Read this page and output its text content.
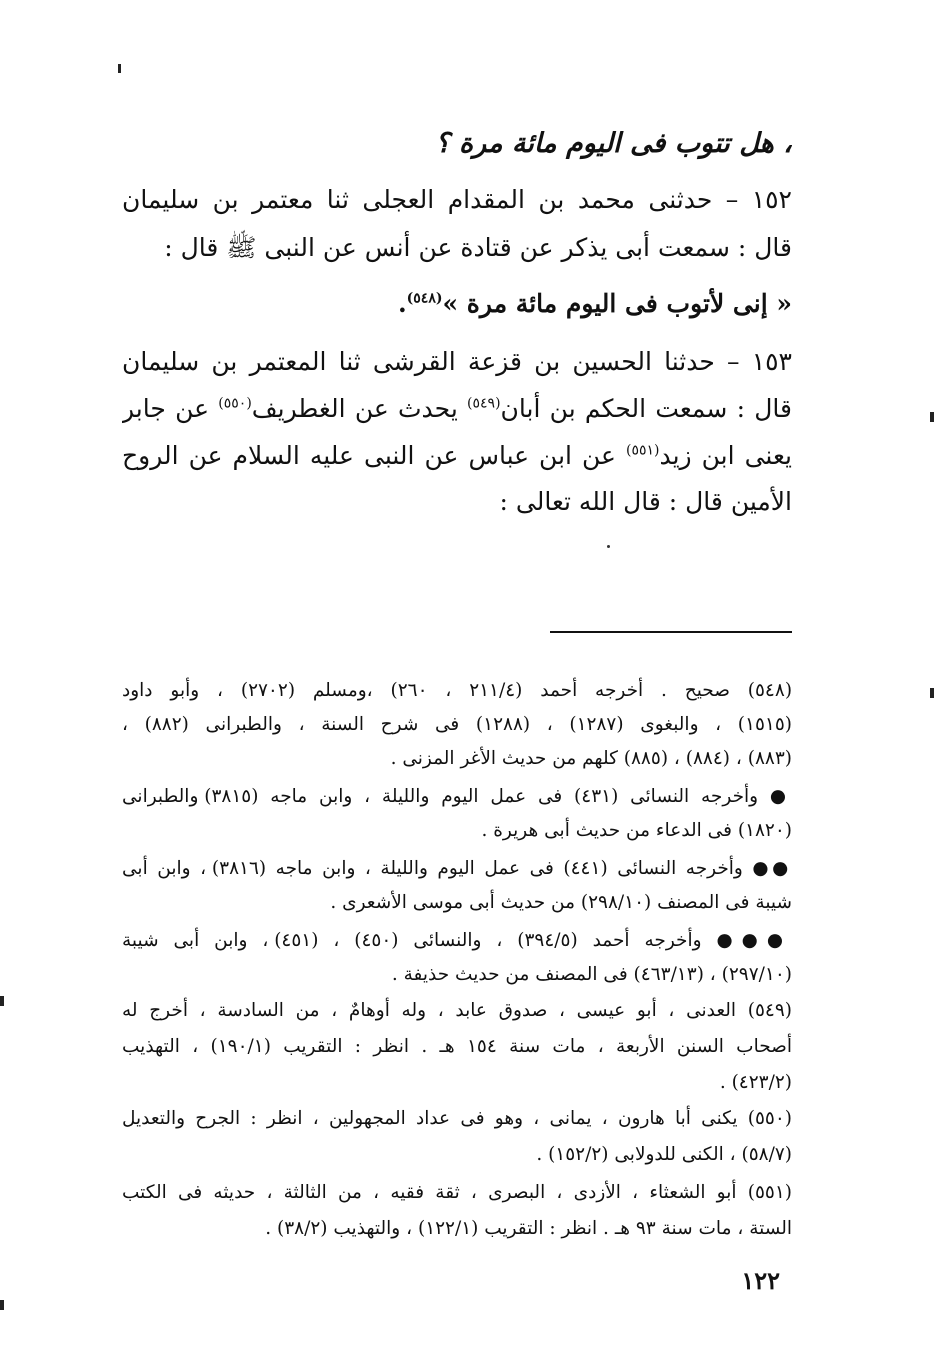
، هل تتوب فى اليوم مائة مرة ؟
١٥٢ – حدثنى محمد بن المقدام العجلى ثنا معتمر بن سليمان
قال : سمعت أبى يذكر عن قتادة عن أنس عن النبى ﷺ قال :
« إنى لأتوب فى اليوم مائة مرة »$^{(٥٤٨)}$.
١٥٣ – حدثنا الحسين بن قزعة القرشى ثنا المعتمر بن سليمان
قال : سمعت الحكم بن أبان$^{(٥٤٩)}$ يحدث عن الغطريف$^{(٥٥٠)}$ عن جابر
يعنى ابن زيد$^{(٥٥١)}$ عن ابن عباس عن النبى عليه السلام عن الروح
الأمين قال : قال الله تعالى :
(٥٤٨) صحيح . أخرجه أحمد (٢١١/٤ ، ٢٦٠) ،ومسلم (٢٧٠٢) ، وأبو داود
(١٥١٥) ، والبغوى (١٢٨٧) ، (١٢٨٨) فى شرح السنة ، والطبرانى (٨٨٢) ،
(٨٨٣) ، (٨٨٤) ، (٨٨٥) كلهم من حديث الأغر المزنى .
● وأخرجه النسائى (٤٣١) فى عمل اليوم والليلة ، وابن ماجه (٣٨١٥) والطبرانى
(١٨٢٠) فى الدعاء من حديث أبى هريرة .
●● وأخرجه النسائى (٤٤١) فى عمل اليوم والليلة ، وابن ماجه (٣٨١٦) ، وابن أبى
شيبة فى المصنف (٢٩٨/١٠) من حديث أبى موسى الأشعرى .
●●● وأخرجه أحمد (٣٩٤/٥) ، والنسائى (٤٥٠) ، (٤٥١) ، وابن أبى شيبة
(٢٩٧/١٠) ، (٤٦٣/١٣) فى المصنف من حديث حذيفة .
(٥٤٩) العدنى ، أبو عيسى ، صدوق عابد ، وله أوهامٌ ، من السادسة ، أخرج له
أصحاب السنن الأربعة ، مات سنة ١٥٤ هـ . انظر : التقريب (١٩٠/١) ، التهذيب
(٤٢٣/٢) .
(٥٥٠) يكنى أبا هارون ، يمانى ، وهو فى عداد المجهولين ، انظر : الجرح والتعديل
(٥٨/٧) ، الكنى للدولابى (١٥٢/٢) .
(٥٥١) أبو الشعثاء ، الأزدى ، البصرى ، ثقة فقيه ، من الثالثة ، حديثه فى الكتب
الستة ، مات سنة ٩٣ هـ . انظر : التقريب (١٢٢/١) ، والتهذيب (٣٨/٢) .
١٢٢
